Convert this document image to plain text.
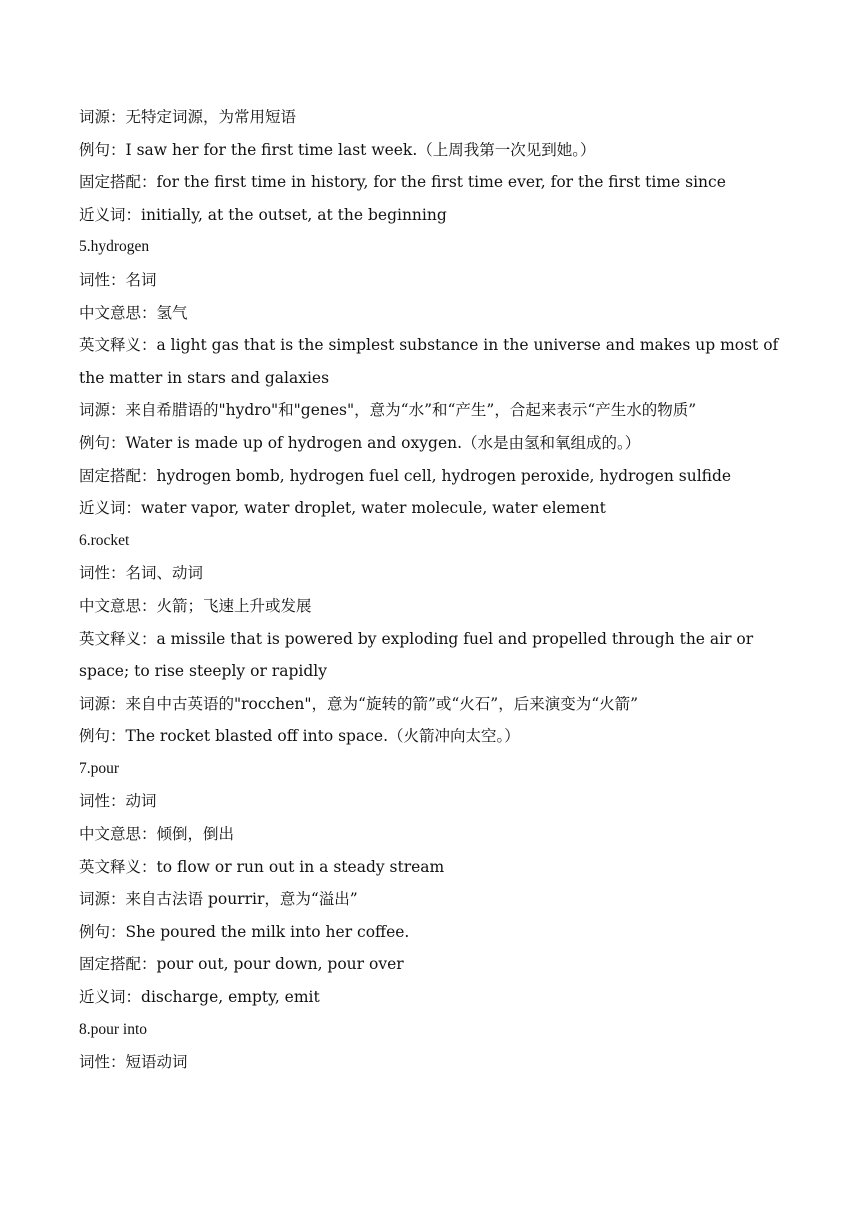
词源：无特定词源，为常用短语
例句：I saw her for the first time last week.（上周我第一次见到她。）
固定搭配：for the first time in history, for the first time ever, for the first time since
近义词：initially, at the outset, at the beginning
5.hydrogen
词性：名词
中文意思：氢气
英文释义：a light gas that is the simplest substance in the universe and makes up most of the matter in stars and galaxies
词源：来自希腊语的"hydro"和"genes"，意为“水”和“产生”，合起来表示“产生水的物质”
例句：Water is made up of hydrogen and oxygen.（水是由氢和氧组成的。）
固定搭配：hydrogen bomb, hydrogen fuel cell, hydrogen peroxide, hydrogen sulfide
近义词：water vapor, water droplet, water molecule, water element
6.rocket
词性：名词、动词
中文意思：火箭；飞速上升或发展
英文释义：a missile that is powered by exploding fuel and propelled through the air or space; to rise steeply or rapidly
词源：来自中古英语的"rocchen"，意为“旋转的箭”或“火石”，后来演变为“火箭”
例句：The rocket blasted off into space.（火箭冲向太空。）
7.pour
词性：动词
中文意思：倾倒，倒出
英文释义：to flow or run out in a steady stream
词源：来自古法语 pourrir，意为“溢出”
例句：She poured the milk into her coffee.
固定搭配：pour out, pour down, pour over
近义词：discharge, empty, emit
8.pour into
词性：短语动词
